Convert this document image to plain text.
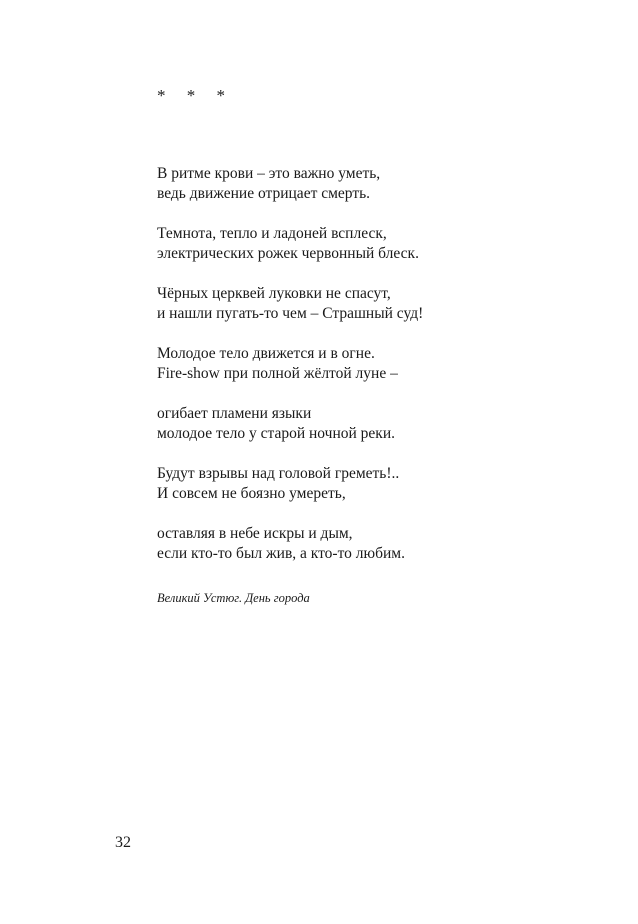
*     *     *
В ритме крови – это важно уметь,
ведь движение отрицает смерть.
Темнота, тепло и ладоней всплеск,
электрических рожек червонный блеск.
Чёрных церквей луковки не спасут,
и нашли пугать-то чем – Страшный суд!
Молодое тело движется и в огне.
Fire-show при полной жёлтой луне –
огибает пламени языки
молодое тело у старой ночной реки.
Будут взрывы над головой греметь!..
И совсем не боязно умереть,
оставляя в небе искры и дым,
если кто-то был жив, а кто-то любим.
Великий Устюг. День города
32
